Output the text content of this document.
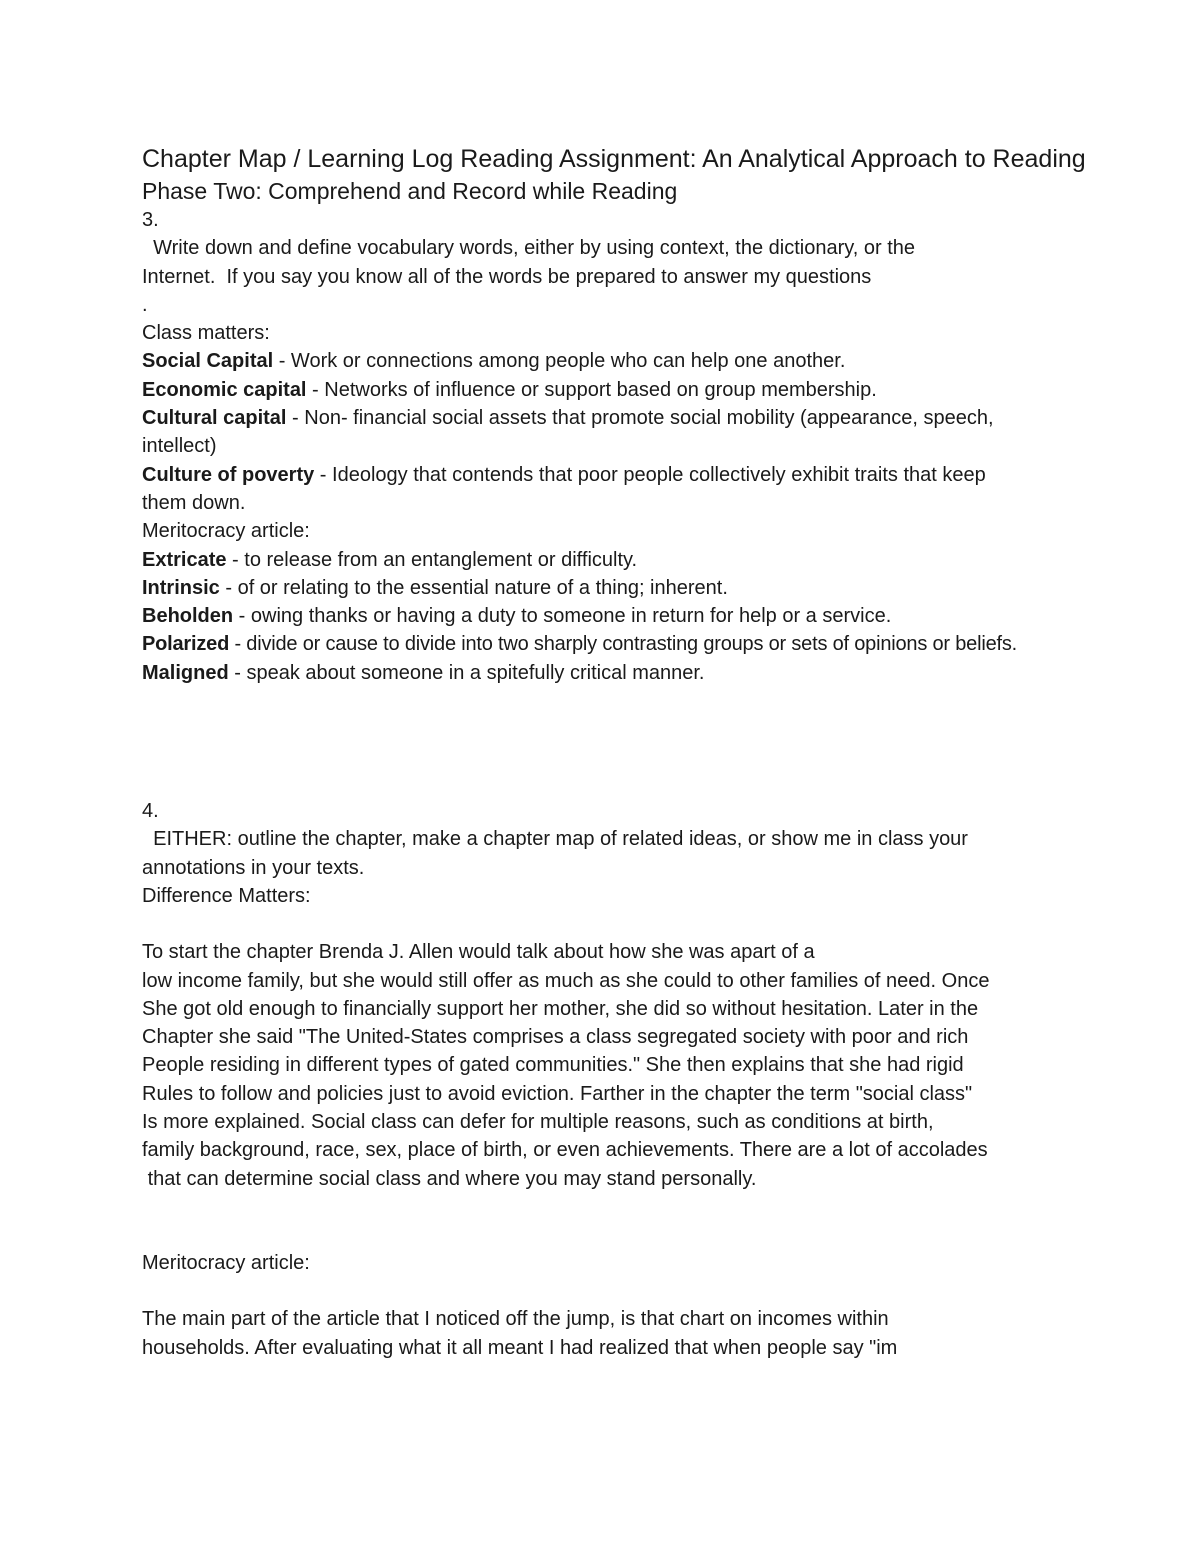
Chapter Map / Learning Log Reading Assignment: An Analytical Approach to Reading
Phase Two: Comprehend and Record while Reading
3.
Write down and define vocabulary words, either by using context, the dictionary, or the
Internet.  If you say you know all of the words be prepared to answer my questions
.
Class matters:
Social Capital - Work or connections among people who can help one another.
Economic capital - Networks of influence or support based on group membership.
Cultural capital - Non- financial social assets that promote social mobility (appearance, speech,
intellect)
Culture of poverty - Ideology that contends that poor people collectively exhibit traits that keep
them down.
Meritocracy article:
Extricate - to release from an entanglement or difficulty.
Intrinsic - of or relating to the essential nature of a thing; inherent.
Beholden - owing thanks or having a duty to someone in return for help or a service.
Polarized - divide or cause to divide into two sharply contrasting groups or sets of opinions or beliefs.
Maligned - speak about someone in a spitefully critical manner.
4.
EITHER: outline the chapter, make a chapter map of related ideas, or show me in class your
annotations in your texts.
Difference Matters:
To start the chapter Brenda J. Allen would talk about how she was apart of a
low income family, but she would still offer as much as she could to other families of need. Once
She got old enough to financially support her mother, she did so without hesitation. Later in the
Chapter she said "The United-States comprises a class segregated society with poor and rich
People residing in different types of gated communities." She then explains that she had rigid
Rules to follow and policies just to avoid eviction. Farther in the chapter the term "social class"
Is more explained. Social class can defer for multiple reasons, such as conditions at birth,
family background, race, sex, place of birth, or even achievements. There are a lot of accolades
that can determine social class and where you may stand personally.
Meritocracy article:
The main part of the article that I noticed off the jump, is that chart on incomes within
households. After evaluating what it all meant I had realized that when people say "im
